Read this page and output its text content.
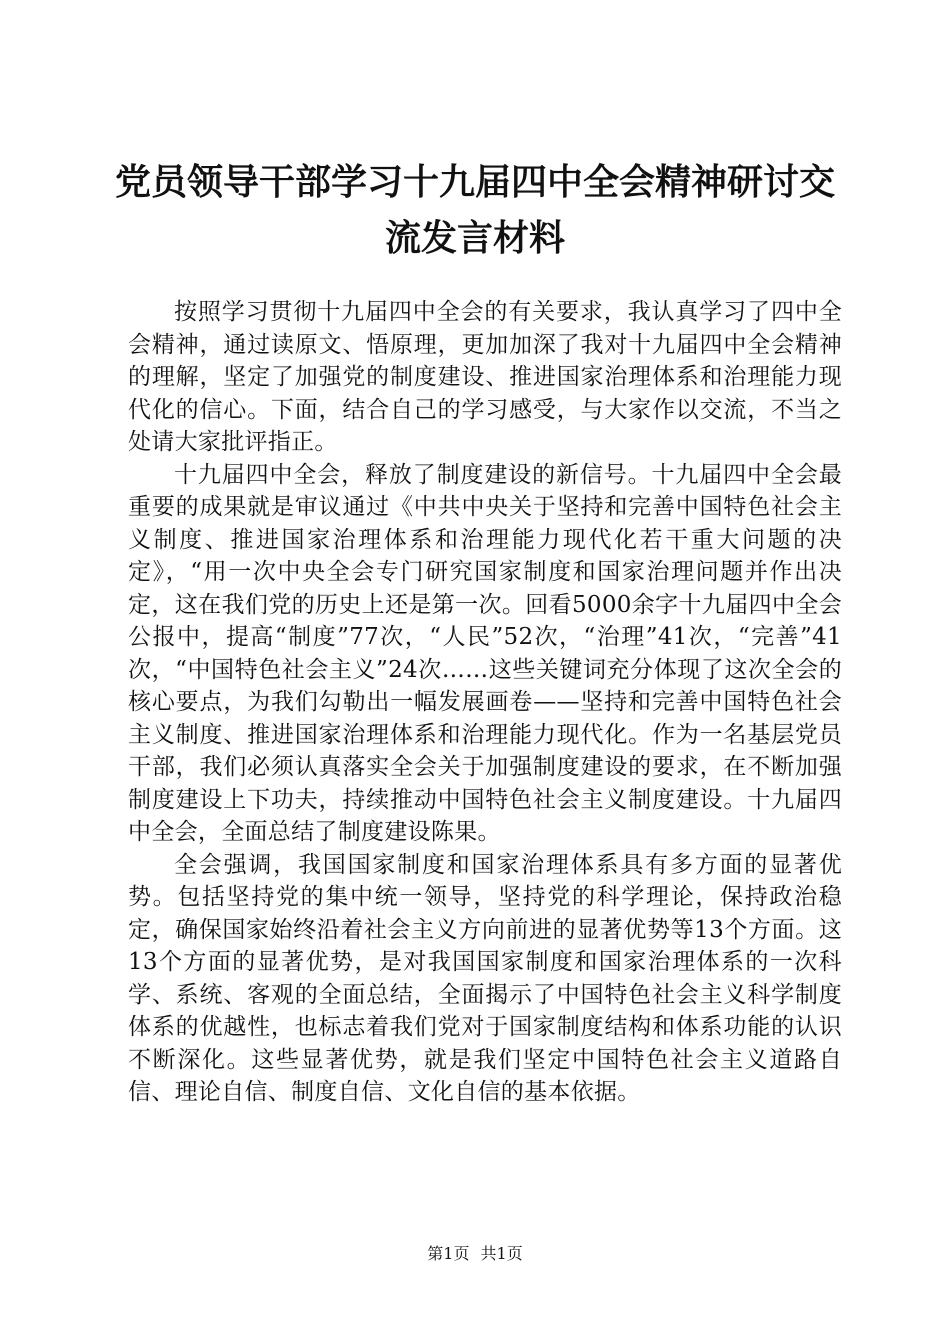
党员领导干部学习十九届四中全会精神研讨交
流发言材料

按照学习贯彻十九届四中全会的有关要求，我认真学习了四中全会精神，通过读原文、悟原理，更加加深了我对十九届四中全会精神的理解，坚定了加强党的制度建设、推进国家治理体系和治理能力现代化的信心。下面，结合自己的学习感受，与大家作以交流，不当之处请大家批评指正。

十九届四中全会，释放了制度建设的新信号。十九届四中全会最重要的成果就是审议通过《中共中央关于坚持和完善中国特色社会主义制度、推进国家治理体系和治理能力现代化若干重大问题的决定》，“用一次中央全会专门研究国家制度和国家治理问题并作出决定，这在我们党的历史上还是第一次。回看5000余字十九届四中全会公报中，提高“制度”77次，“人民”52次，“治理”41次，“完善”41次，“中国特色社会主义”24次……这些关键词充分体现了这次全会的核心要点，为我们勾勒出一幅发展画卷——坚持和完善中国特色社会主义制度、推进国家治理体系和治理能力现代化。作为一名基层党员干部，我们必须认真落实全会关于加强制度建设的要求，在不断加强制度建设上下功夫，持续推动中国特色社会主义制度建设。十九届四中全会，全面总结了制度建设陈果。

全会强调，我国国家制度和国家治理体系具有多方面的显著优势。包括坚持党的集中统一领导，坚持党的科学理论，保持政治稳定，确保国家始终沿着社会主义方向前进的显著优势等13个方面。这13个方面的显著优势，是对我国国家制度和国家治理体系的一次科学、系统、客观的全面总结，全面揭示了中国特色社会主义科学制度体系的优越性，也标志着我们党对于国家制度结构和体系功能的认识不断深化。这些显著优势，就是我们坚定中国特色社会主义道路自信、理论自信、制度自信、文化自信的基本依据。

第1页 共1页
